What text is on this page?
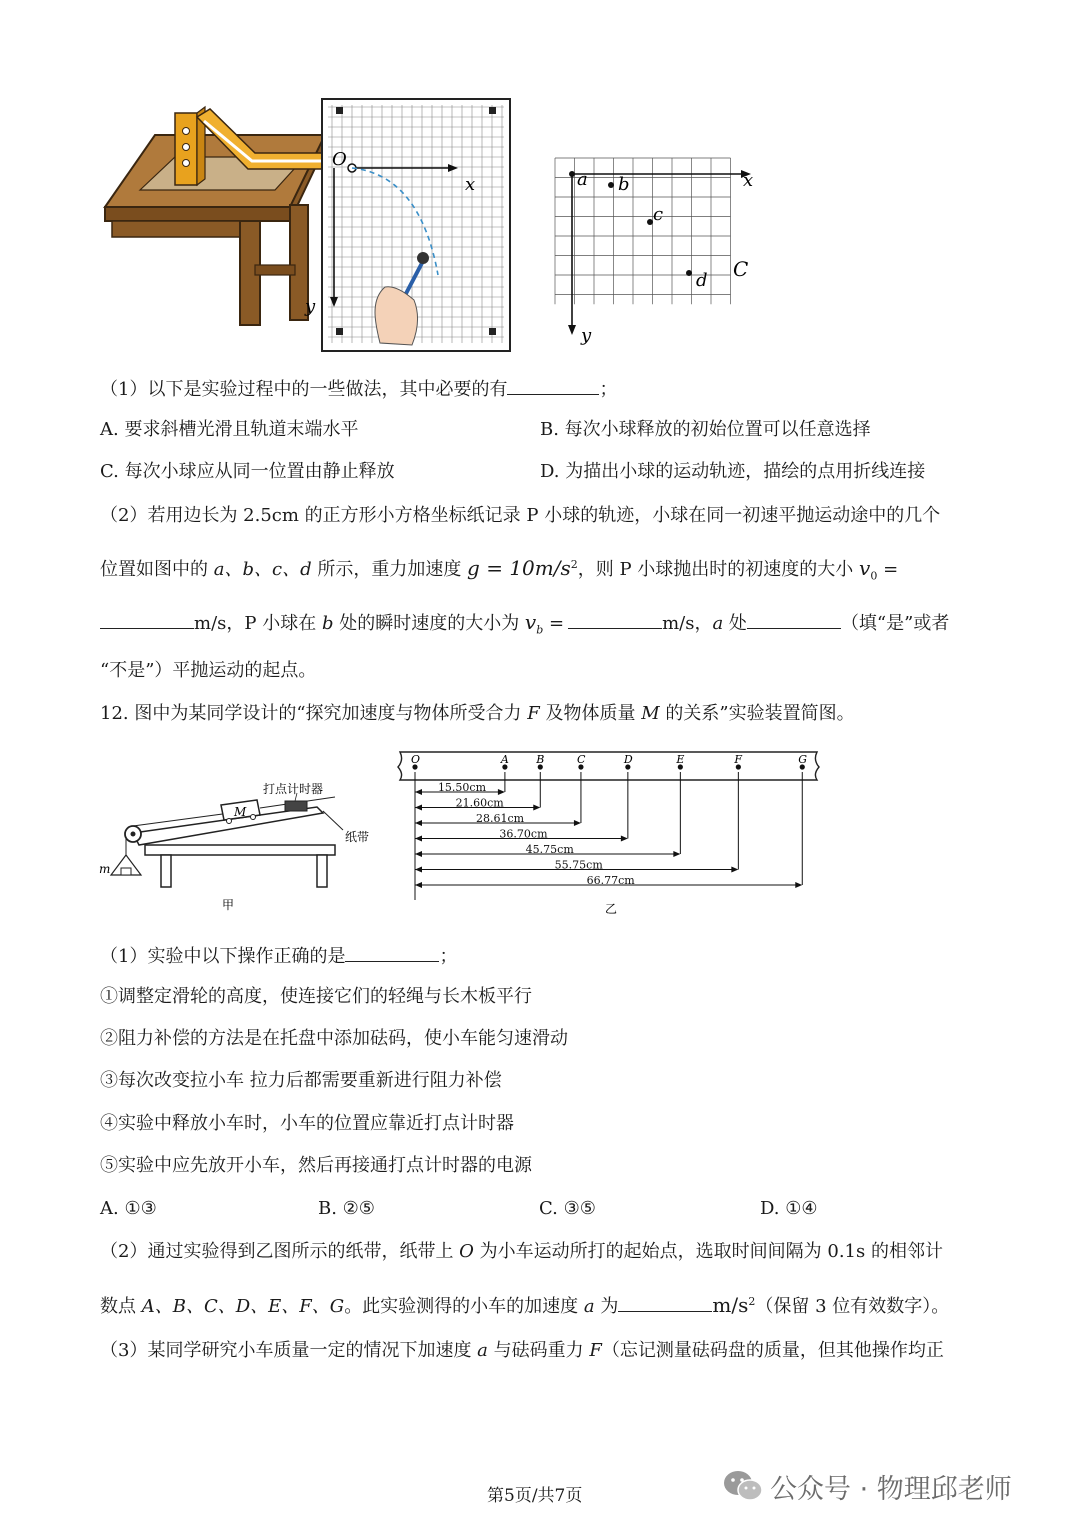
O
x
y
a b
c
d
x
y
C
（1）以下是实验过程中的一些做法，其中必要的有	；
A. 要求斜槽光滑且轨道末端水平	B. 每次小球释放的初始位置可以任意选择
C. 每次小球应从同一位置由静止释放	D. 为描出小球的运动轨迹，描绘的点用折线连接
（2）若用边长为 2.5cm 的正方形小方格坐标纸记录 P 小球的轨迹，小球在同一初速平抛运动途中的几个
位置如图中的 a、b、c、d 所示，重力加速度 $g = 10m/s^2$，则 P 小球抛出时的初速度的大小 $v_0$ =
m/s，P 小球在 b 处的瞬时速度的大小为 $v_b$ =	m/s，a 处	（填“是”或者
“不是”）平抛运动的起点。
12. 图中为某同学设计的“探究加速度与物体所受合力 F 及物体质量 M 的关系”实验装置简图。
打点计时器
纸带
M
m
甲
O	A B	C	D	E	F	G
15.50cm
21.60cm
28.61cm
36.70cm
45.75cm
55.75cm
66.77cm
乙
（1）实验中以下操作正确的是	；
①调整定滑轮的高度，使连接它们的轻绳与长木板平行
②阻力补偿的方法是在托盘中添加砝码，使小车能匀速滑动
③每次改变拉小车 拉力后都需要重新进行阻力补偿
④实验中释放小车时，小车的位置应靠近打点计时器
⑤实验中应先放开小车，然后再接通打点计时器的电源
A. ①③	B. ②⑤	C. ③⑤	D. ①④
（2）通过实验得到乙图所示的纸带，纸带上 O 为小车运动所打的起始点，选取时间间隔为 0.1s 的相邻计
数点 A、B、C、D、E、F、G。此实验测得的小车的加速度 a 为	$m/s^2$（保留 3 位有效数字）。
（3）某同学研究小车质量一定的情况下加速度 a 与砝码重力 F（忘记测量砝码盘的质量，但其他操作均正
第5页/共7页	公众号 · 物理邱老师
